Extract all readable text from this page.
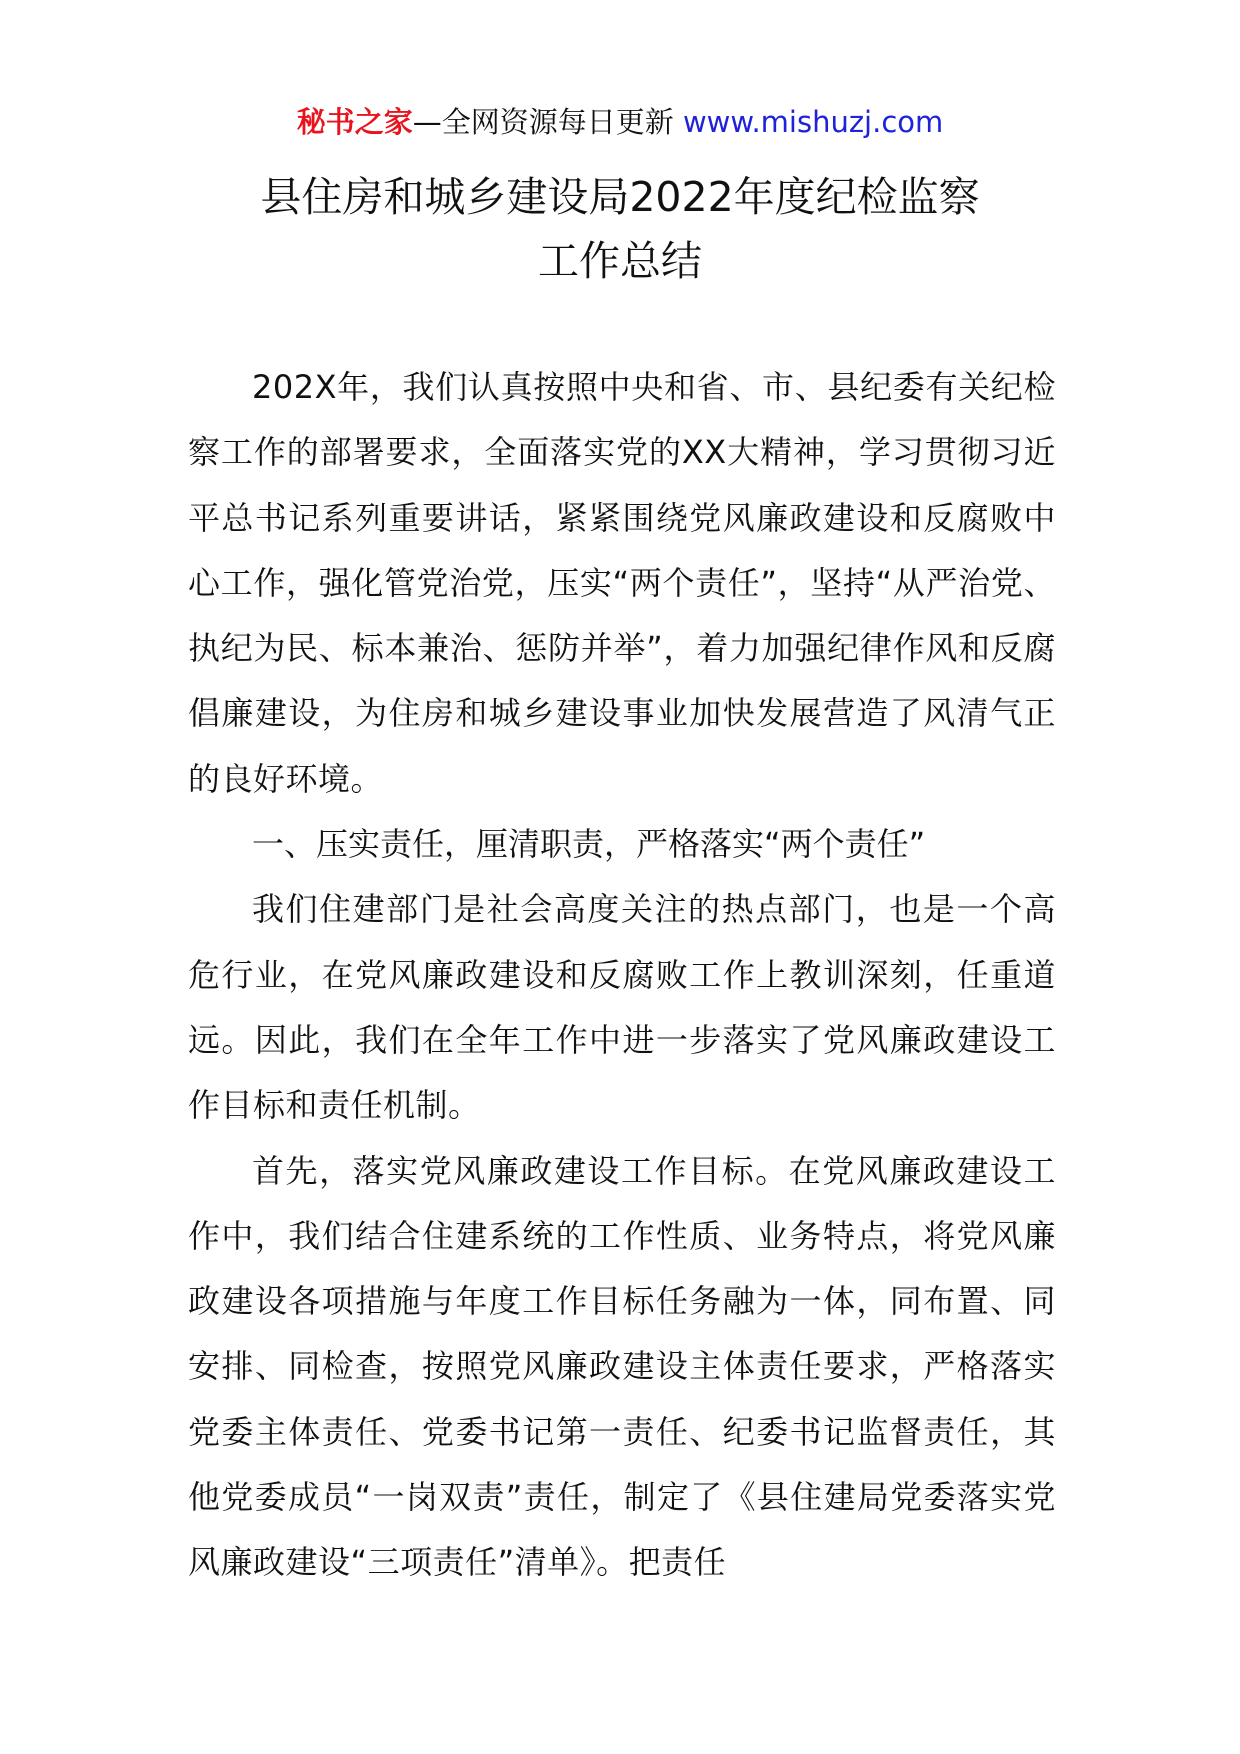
秘书之家—全网资源每日更新 www.mishuzj.com
县住房和城乡建设局2022年度纪检监察
工作总结

202X年，我们认真按照中央和省、市、县纪委有关纪检察工作的部署要求，全面落实党的XX大精神，学习贯彻习近平总书记系列重要讲话，紧紧围绕党风廉政建设和反腐败中心工作，强化管党治党，压实“两个责任”，坚持“从严治党、执纪为民、标本兼治、惩防并举”，着力加强纪律作风和反腐倡廉建设，为住房和城乡建设事业加快发展营造了风清气正的良好环境。

一、压实责任，厘清职责，严格落实“两个责任”

我们住建部门是社会高度关注的热点部门，也是一个高危行业，在党风廉政建设和反腐败工作上教训深刻，任重道远。因此，我们在全年工作中进一步落实了党风廉政建设工作目标和责任机制。

首先，落实党风廉政建设工作目标。在党风廉政建设工作中，我们结合住建系统的工作性质、业务特点，将党风廉政建设各项措施与年度工作目标任务融为一体，同布置、同安排、同检查，按照党风廉政建设主体责任要求，严格落实党委主体责任、党委书记第一责任、纪委书记监督责任，其他党委成员“一岗双责”责任，制定了《县住建局党委落实党风廉政建设“三项责任”清单》。把责任
